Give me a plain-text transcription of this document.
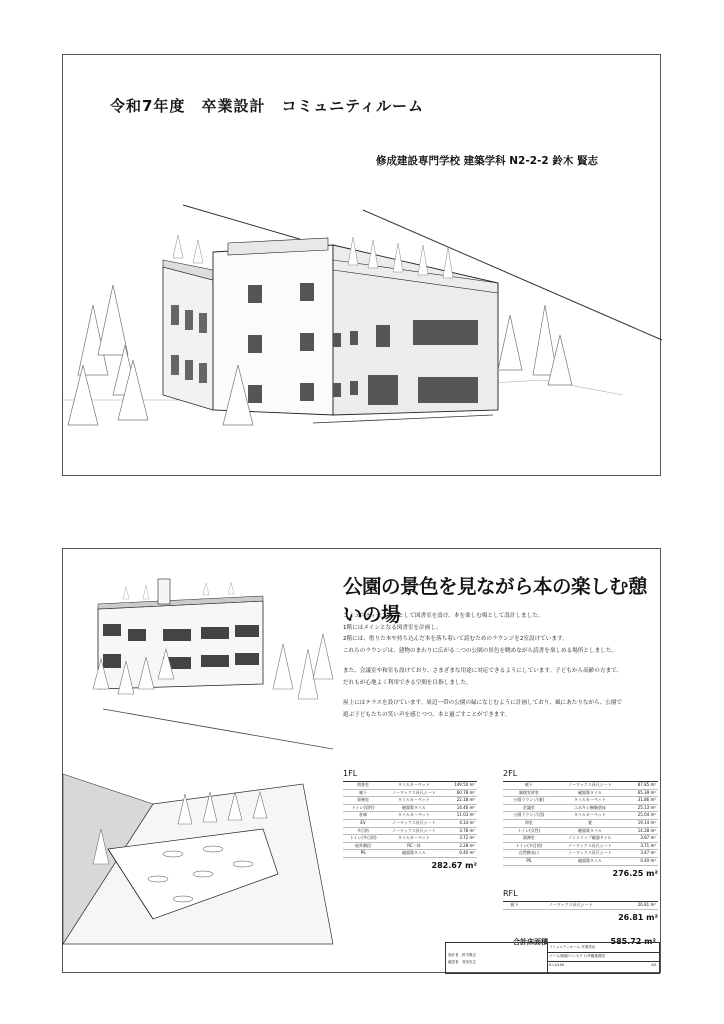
令和7年度　卒業設計　コミュニティルーム
修成建設専門学校 建築学科 N2-2-2 鈴木 賢志
公園の景色を見ながら本の楽しむ憩いの場

コミュニティセンターとして図書室を設け、本を楽しむ場として設計しました。

1階にはメインとなる図書室を計画し、

2階には、借りた本や持ち込んだ本を落ち着いて読むためのラウンジを2室設けています。

これらのラウンジは、建物のまわりに広がる二つの公園の景色を眺めながら読書を楽しめる場所としました。

また、会議室や和室も設けており、さまざまな用途に対応できるようにしています。子どもから高齢の方まで、

だれもが心地よく利用できる空間を目指しました。

屋上にはテラスを設けています。周辺一帯の公園の緑になじむように計画しており、風にあたりながら、公園で

遊ぶ子どもたちの笑い声を感じつつ、本と過ごすことができます。

1FL
図書室	タイルカーペット	149.50 m²
廊下	ノーワックス長尺シート	60.78 m²
事務室	タイルカーペット	22.18 m²
トイレ(男性)	磁器質タイル	14.46 m²
倉庫	タイルカーペット	11.03 m²
EV	ノーワックス長尺シート	4.14 m²
多目的	ノーワックス長尺シート	3.78 m²
トイレ(多目的)	タイルカーペット	3.72 m²
屋外階段	RC一体	2.28 m²
PS	磁器質タイル	0.40 m²
282.67 m²
2FL
廊下	ノーワックス長尺シート	87.85 m²
調理実習室	磁器質タイル	65.39 m²
公園ラウンジ(東)	タイルカーペット	31.86 m²
会議室	ユポキシ樹脂塗床	25.13 m²
公園ラウンジ(西)	タイルカーペット	25.04 m²
和室	畳	19.14 m²
トイレ(女性)	磁器質タイル	14.28 m²
湯沸室	ノンスリップ磁器タイル	3.87 m²
トイレ(多目的)	ノーワックス長尺シート	3.71 m²
自然換気口	ノーワックス長尺シート	3.47 m²
PS	磁器質タイル	0.40 m²
276.25 m²
RFL
廊下	ノーワックス長尺シート	26.81 m²
26.81 m²
合計床面積	585.72 m²
設計者　鈴木賢志
確認者　香田先生
コミュニティルーム 卒業設計
パース/面積/コンセプト/外観透視図
S=1/100	A3
